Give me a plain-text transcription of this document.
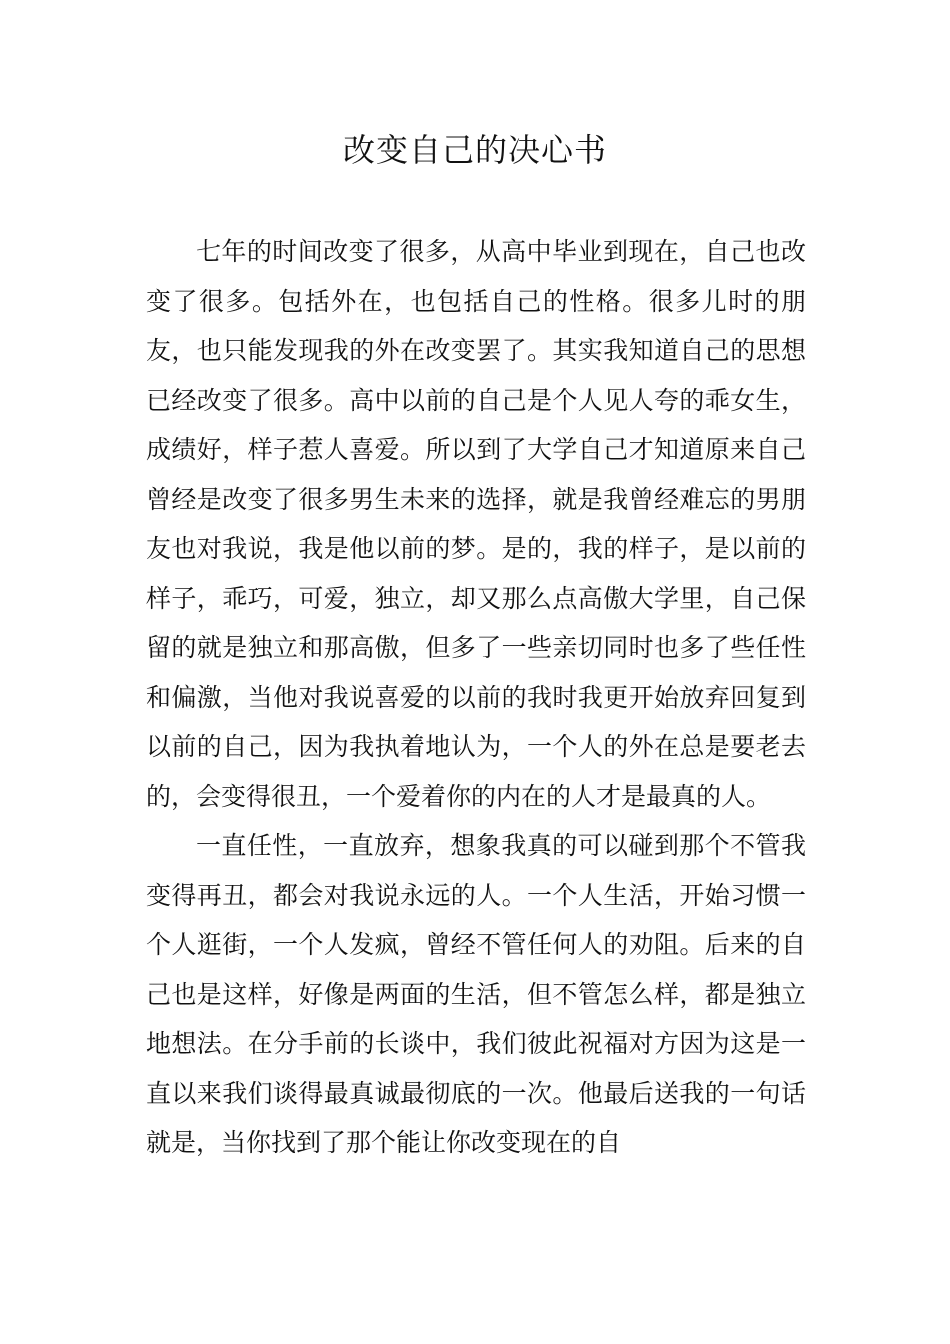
改变自己的决心书

七年的时间改变了很多，从高中毕业到现在，自己也改变了很多。包括外在，也包括自己的性格。很多儿时的朋友，也只能发现我的外在改变罢了。其实我知道自己的思想已经改变了很多。高中以前的自己是个人见人夸的乖女生，成绩好，样子惹人喜爱。所以到了大学自己才知道原来自己曾经是改变了很多男生未来的选择，就是我曾经难忘的男朋友也对我说，我是他以前的梦。是的，我的样子，是以前的样子，乖巧，可爱，独立，却又那么点高傲大学里，自己保留的就是独立和那高傲，但多了一些亲切同时也多了些任性和偏激，当他对我说喜爱的以前的我时我更开始放弃回复到以前的自己，因为我执着地认为，一个人的外在总是要老去的，会变得很丑，一个爱着你的内在的人才是最真的人。

一直任性，一直放弃，想象我真的可以碰到那个不管我变得再丑，都会对我说永远的人。一个人生活，开始习惯一个人逛街，一个人发疯，曾经不管任何人的劝阻。后来的自己也是这样，好像是两面的生活，但不管怎么样，都是独立地想法。在分手前的长谈中，我们彼此祝福对方因为这是一直以来我们谈得最真诚最彻底的一次。他最后送我的一句话就是，当你找到了那个能让你改变现在的自
